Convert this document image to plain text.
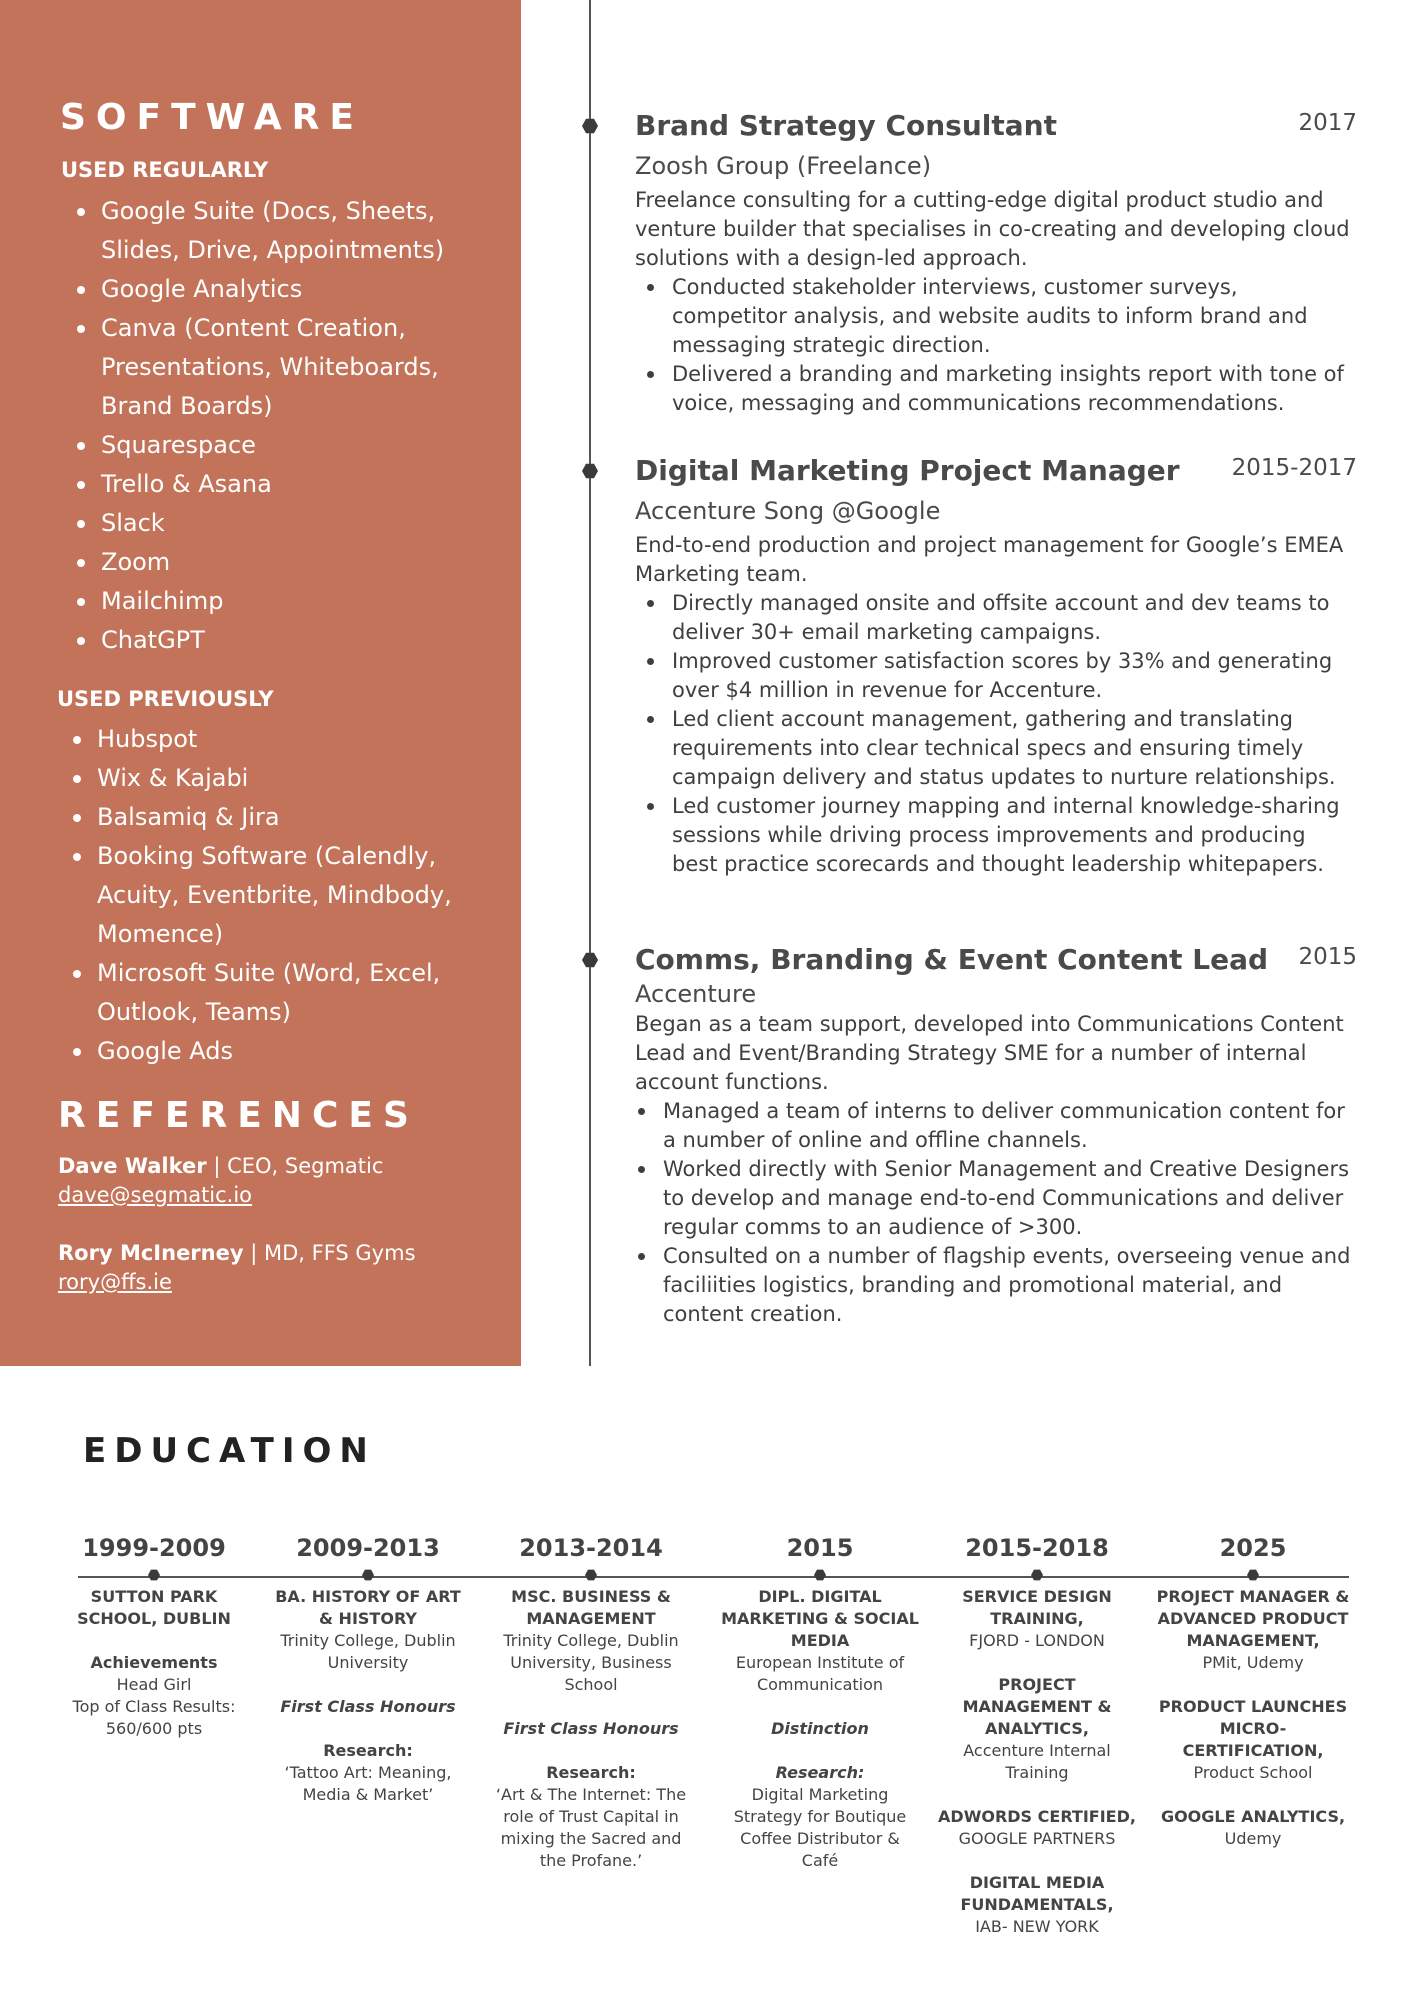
SOFTWARE
USED REGULARLY
Google Suite (Docs, Sheets, Slides, Drive, Appointments)
Google Analytics
Canva (Content Creation, Presentations, Whiteboards, Brand Boards)
Squarespace
Trello & Asana
Slack
Zoom
Mailchimp
ChatGPT
USED PREVIOUSLY
Hubspot
Wix & Kajabi
Balsamiq & Jira
Booking Software (Calendly, Acuity, Eventbrite, Mindbody, Momence)
Microsoft Suite (Word, Excel, Outlook, Teams)
Google Ads
REFERENCES
Dave Walker | CEO, Segmatic
dave@segmatic.io
Rory McInerney | MD, FFS Gyms
rory@ffs.ie
Brand Strategy Consultant	2017
Zoosh Group (Freelance)

Freelance consulting for a cutting-edge digital product studio and venture builder that specialises in co-creating and developing cloud solutions with a design-led approach.

Conducted stakeholder interviews, customer surveys, competitor analysis, and website audits to inform brand and messaging strategic direction.
Delivered a branding and marketing insights report with tone of voice, messaging and communications recommendations.
Digital Marketing Project Manager	2015-2017
Accenture Song @Google

End-to-end production and project management for Google’s EMEA Marketing team.

Directly managed onsite and offsite account and dev teams to deliver 30+ email marketing campaigns.
Improved customer satisfaction scores by 33% and generating over $4 million in revenue for Accenture.
Led client account management, gathering and translating requirements into clear technical specs and ensuring timely campaign delivery and status updates to nurture relationships.
Led customer journey mapping and internal knowledge-sharing sessions while driving process improvements and producing best practice scorecards and thought leadership whitepapers.
Comms, Branding & Event Content Lead	2015
Accenture

Began as a team support, developed into Communications Content Lead and Event/Branding Strategy SME for a number of internal account functions.

Managed a team of interns to deliver communication content for a number of online and offline channels.
Worked directly with Senior Management and Creative Designers to develop and manage end-to-end Communications and deliver regular comms to an audience of >300.
Consulted on a number of flagship events, overseeing venue and faciliities logistics, branding and promotional material, and content creation.
EDUCATION
1999-2009
SUTTON PARK SCHOOL, DUBLIN
Achievements
Head Girl
Top of Class Results: 560/600 pts
2009-2013
BA. HISTORY OF ART & HISTORY
Trinity College, Dublin University
First Class Honours
Research:
‘Tattoo Art: Meaning, Media & Market’
2013-2014
MSC. BUSINESS & MANAGEMENT
Trinity College, Dublin University, Business School
First Class Honours
Research:
‘Art & The Internet: The role of Trust Capital in mixing the Sacred and the Profane.’
2015
DIPL. DIGITAL MARKETING & SOCIAL MEDIA
European Institute of Communication
Distinction
Research:
Digital Marketing Strategy for Boutique Coffee Distributor & Café
2015-2018
SERVICE DESIGN TRAINING,
FJORD - LONDON
PROJECT MANAGEMENT & ANALYTICS,
Accenture Internal Training
ADWORDS CERTIFIED,
GOOGLE PARTNERS
DIGITAL MEDIA FUNDAMENTALS,
IAB- NEW YORK
2025
PROJECT MANAGER & ADVANCED PRODUCT MANAGEMENT,
PMit, Udemy
PRODUCT LAUNCHES MICRO-CERTIFICATION,
Product School
GOOGLE ANALYTICS,
Udemy
